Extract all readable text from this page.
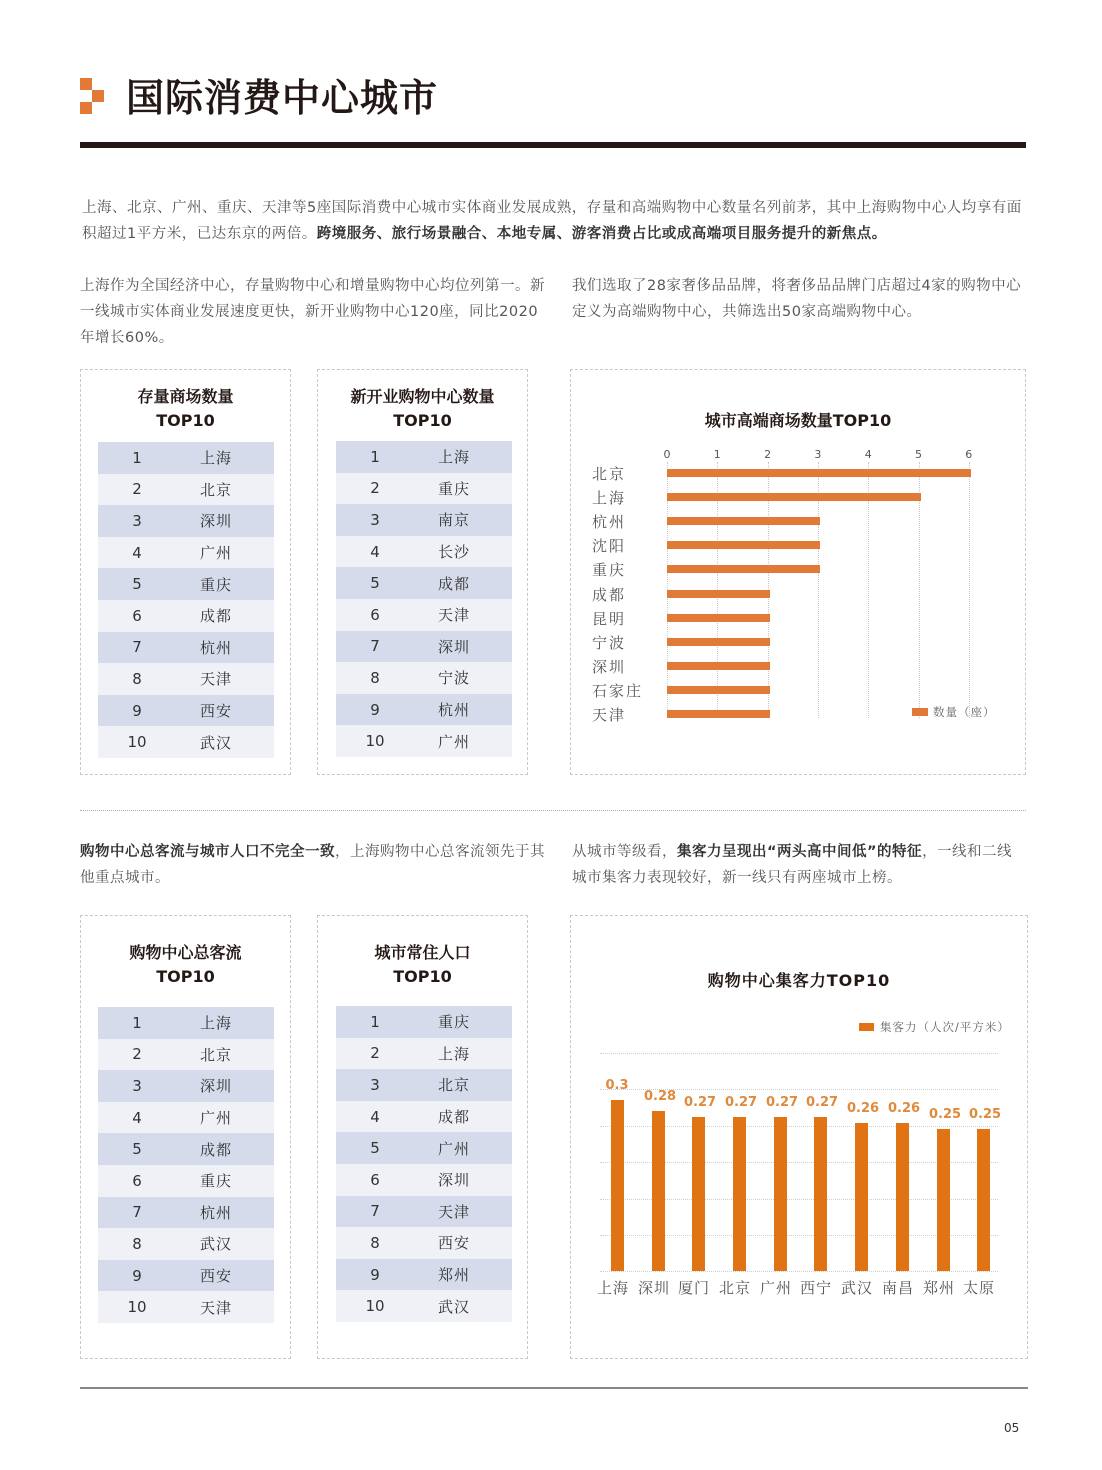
国际消费中心城市
上海、北京、广州、重庆、天津等5座国际消费中心城市实体商业发展成熟，存量和高端购物中心数量名列前茅，其中上海购物中心人均享有面积超过1平方米，已达东京的两倍。跨境服务、旅行场景融合、本地专属、游客消费占比或成高端项目服务提升的新焦点。
上海作为全国经济中心，存量购物中心和增量购物中心均位列第一。新一线城市实体商业发展速度更快，新开业购物中心120座，同比2020年增长60%。
我们选取了28家奢侈品品牌，将奢侈品品牌门店超过4家的购物中心定义为高端购物中心，共筛选出50家高端购物中心。
存量商场数量
TOP10
1	上海
2	北京
3	深圳
4	广州
5	重庆
6	成都
7	杭州
8	天津
9	西安
10	武汉
新开业购物中心数量
TOP10
1	上海
2	重庆
3	南京
4	长沙
5	成都
6	天津
7	深圳
8	宁波
9	杭州
10	广州
城市高端商场数量TOP10
0	1	2	3	4	5	6
北京
上海
杭州
沈阳
重庆
成都
昆明
宁波
深圳
石家庄
天津	数量（座）
购物中心总客流与城市人口不完全一致，上海购物中心总客流领先于其他重点城市。
从城市等级看，集客力呈现出“两头高中间低”的特征，一线和二线城市集客力表现较好，新一线只有两座城市上榜。
购物中心总客流
TOP10
1	上海
2	北京
3	深圳
4	广州
5	成都
6	重庆
7	杭州
8	武汉
9	西安
10	天津
城市常住人口
TOP10
1	重庆
2	上海
3	北京
4	成都
5	广州
6	深圳
7	天津
8	西安
9	郑州
10	武汉
购物中心集客力TOP10
0.3
上海
0.28
深圳
0.27
厦门
0.27
北京
0.27
广州
0.27
西宁
0.26
武汉
0.26
南昌
0.25
郑州
0.25
太原
集客力（人次/平方米）
05
